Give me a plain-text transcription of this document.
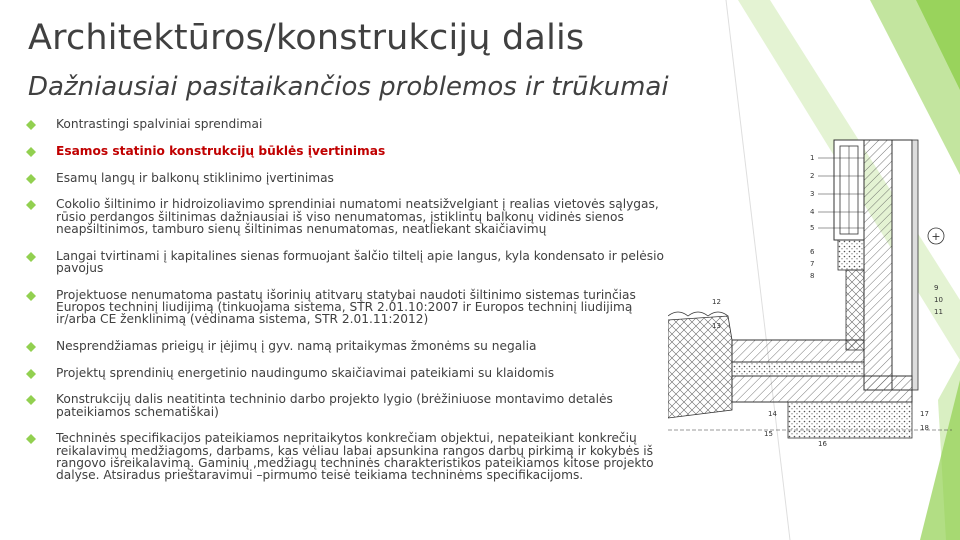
Architektūros/konstrukcijų dalis
Dažniausiai pasitaikančios problemos ir trūkumai
Kontrastingi spalviniai sprendimai
Esamos statinio konstrukcijų būklės įvertinimas
Esamų langų ir balkonų stiklinimo įvertinimas
Cokolio šiltinimo ir hidroizoliavimo sprendiniai numatomi neatsižvelgiant į realias vietovės sąlygas, rūsio perdangos šiltinimas dažniausiai iš viso nenumatomas, įstiklintų balkonų vidinės sienos neapšiltinimos, tamburo sienų šiltinimas nenumatomas, neatliekant skaičiavimų
Langai tvirtinami į kapitalines sienas formuojant šalčio tiltelį apie langus, kyla kondensato ir pelėsio pavojus
Projektuose nenumatoma pastatų išorinių atitvarų statybai naudoti šiltinimo sistemas turinčias Europos techninį liudijimą (tinkuojama sistema, STR 2.01.10:2007 ir Europos techninį liudijimą ir/arba CE ženklinimą (vėdinama sistema, STR 2.01.11:2012)
Nesprendžiamas prieigų ir įėjimų į gyv. namą pritaikymas žmonėms su negalia
Projektų sprendinių energetinio naudingumo skaičiavimai pateikiami su klaidomis
Konstrukcijų dalis neatitinta techninio darbo projekto lygio (brėžiniuose montavimo detalės pateikiamos schematiškai)
Techninės specifikacijos pateikiamos nepritaikytos konkrečiam objektui, nepateikiant konkrečių reikalavimų medžiagoms, darbams, kas vėliau labai apsunkina rangos darbų pirkimą ir kokybės iš rangovo išreikalavimą. Gaminių ,medžiagų techninės charakteristikos pateikiamos kitose projekto dalyse. Atsiradus prieštaravimui –pirmumo teisė teikiama techninėms specifikacijoms.
1
2
3
4
5
6
7
8
9
10
11
12
13
14
15
16
17
18
+
